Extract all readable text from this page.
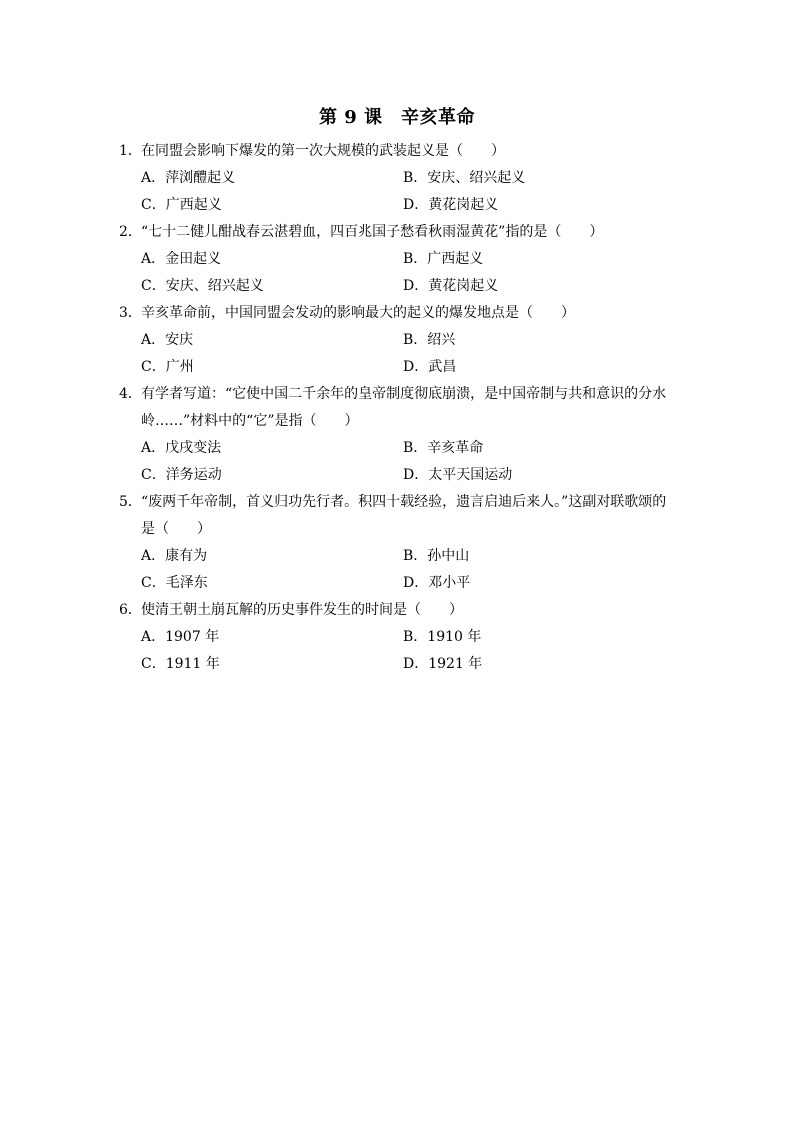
第 9 课　辛亥革命
1． 在同盟会影响下爆发的第一次大规模的武装起义是（　　）
A．萍浏醴起义	B．安庆、绍兴起义
C．广西起义	D．黄花岗起义
2． “七十二健儿酣战春云湛碧血，四百兆国子愁看秋雨湿黄花”指的是（　　）
A．金田起义	B．广西起义
C．安庆、绍兴起义	D．黄花岗起义
3． 辛亥革命前，中国同盟会发动的影响最大的起义的爆发地点是（　　）
A．安庆	B．绍兴
C．广州	D．武昌
4． 有学者写道：“它使中国二千余年的皇帝制度彻底崩溃，是中国帝制与共和意识的分水岭……”材料中的“它”是指（　　）
A．戊戌变法	B．辛亥革命
C．洋务运动	D．太平天国运动
5． “废两千年帝制，首义归功先行者。积四十载经验，遗言启迪后来人。”这副对联歌颂的是（　　）
A．康有为	B．孙中山
C．毛泽东	D．邓小平
6． 使清王朝土崩瓦解的历史事件发生的时间是（　　）
A．1907 年	B．1910 年
C．1911 年	D．1921 年
